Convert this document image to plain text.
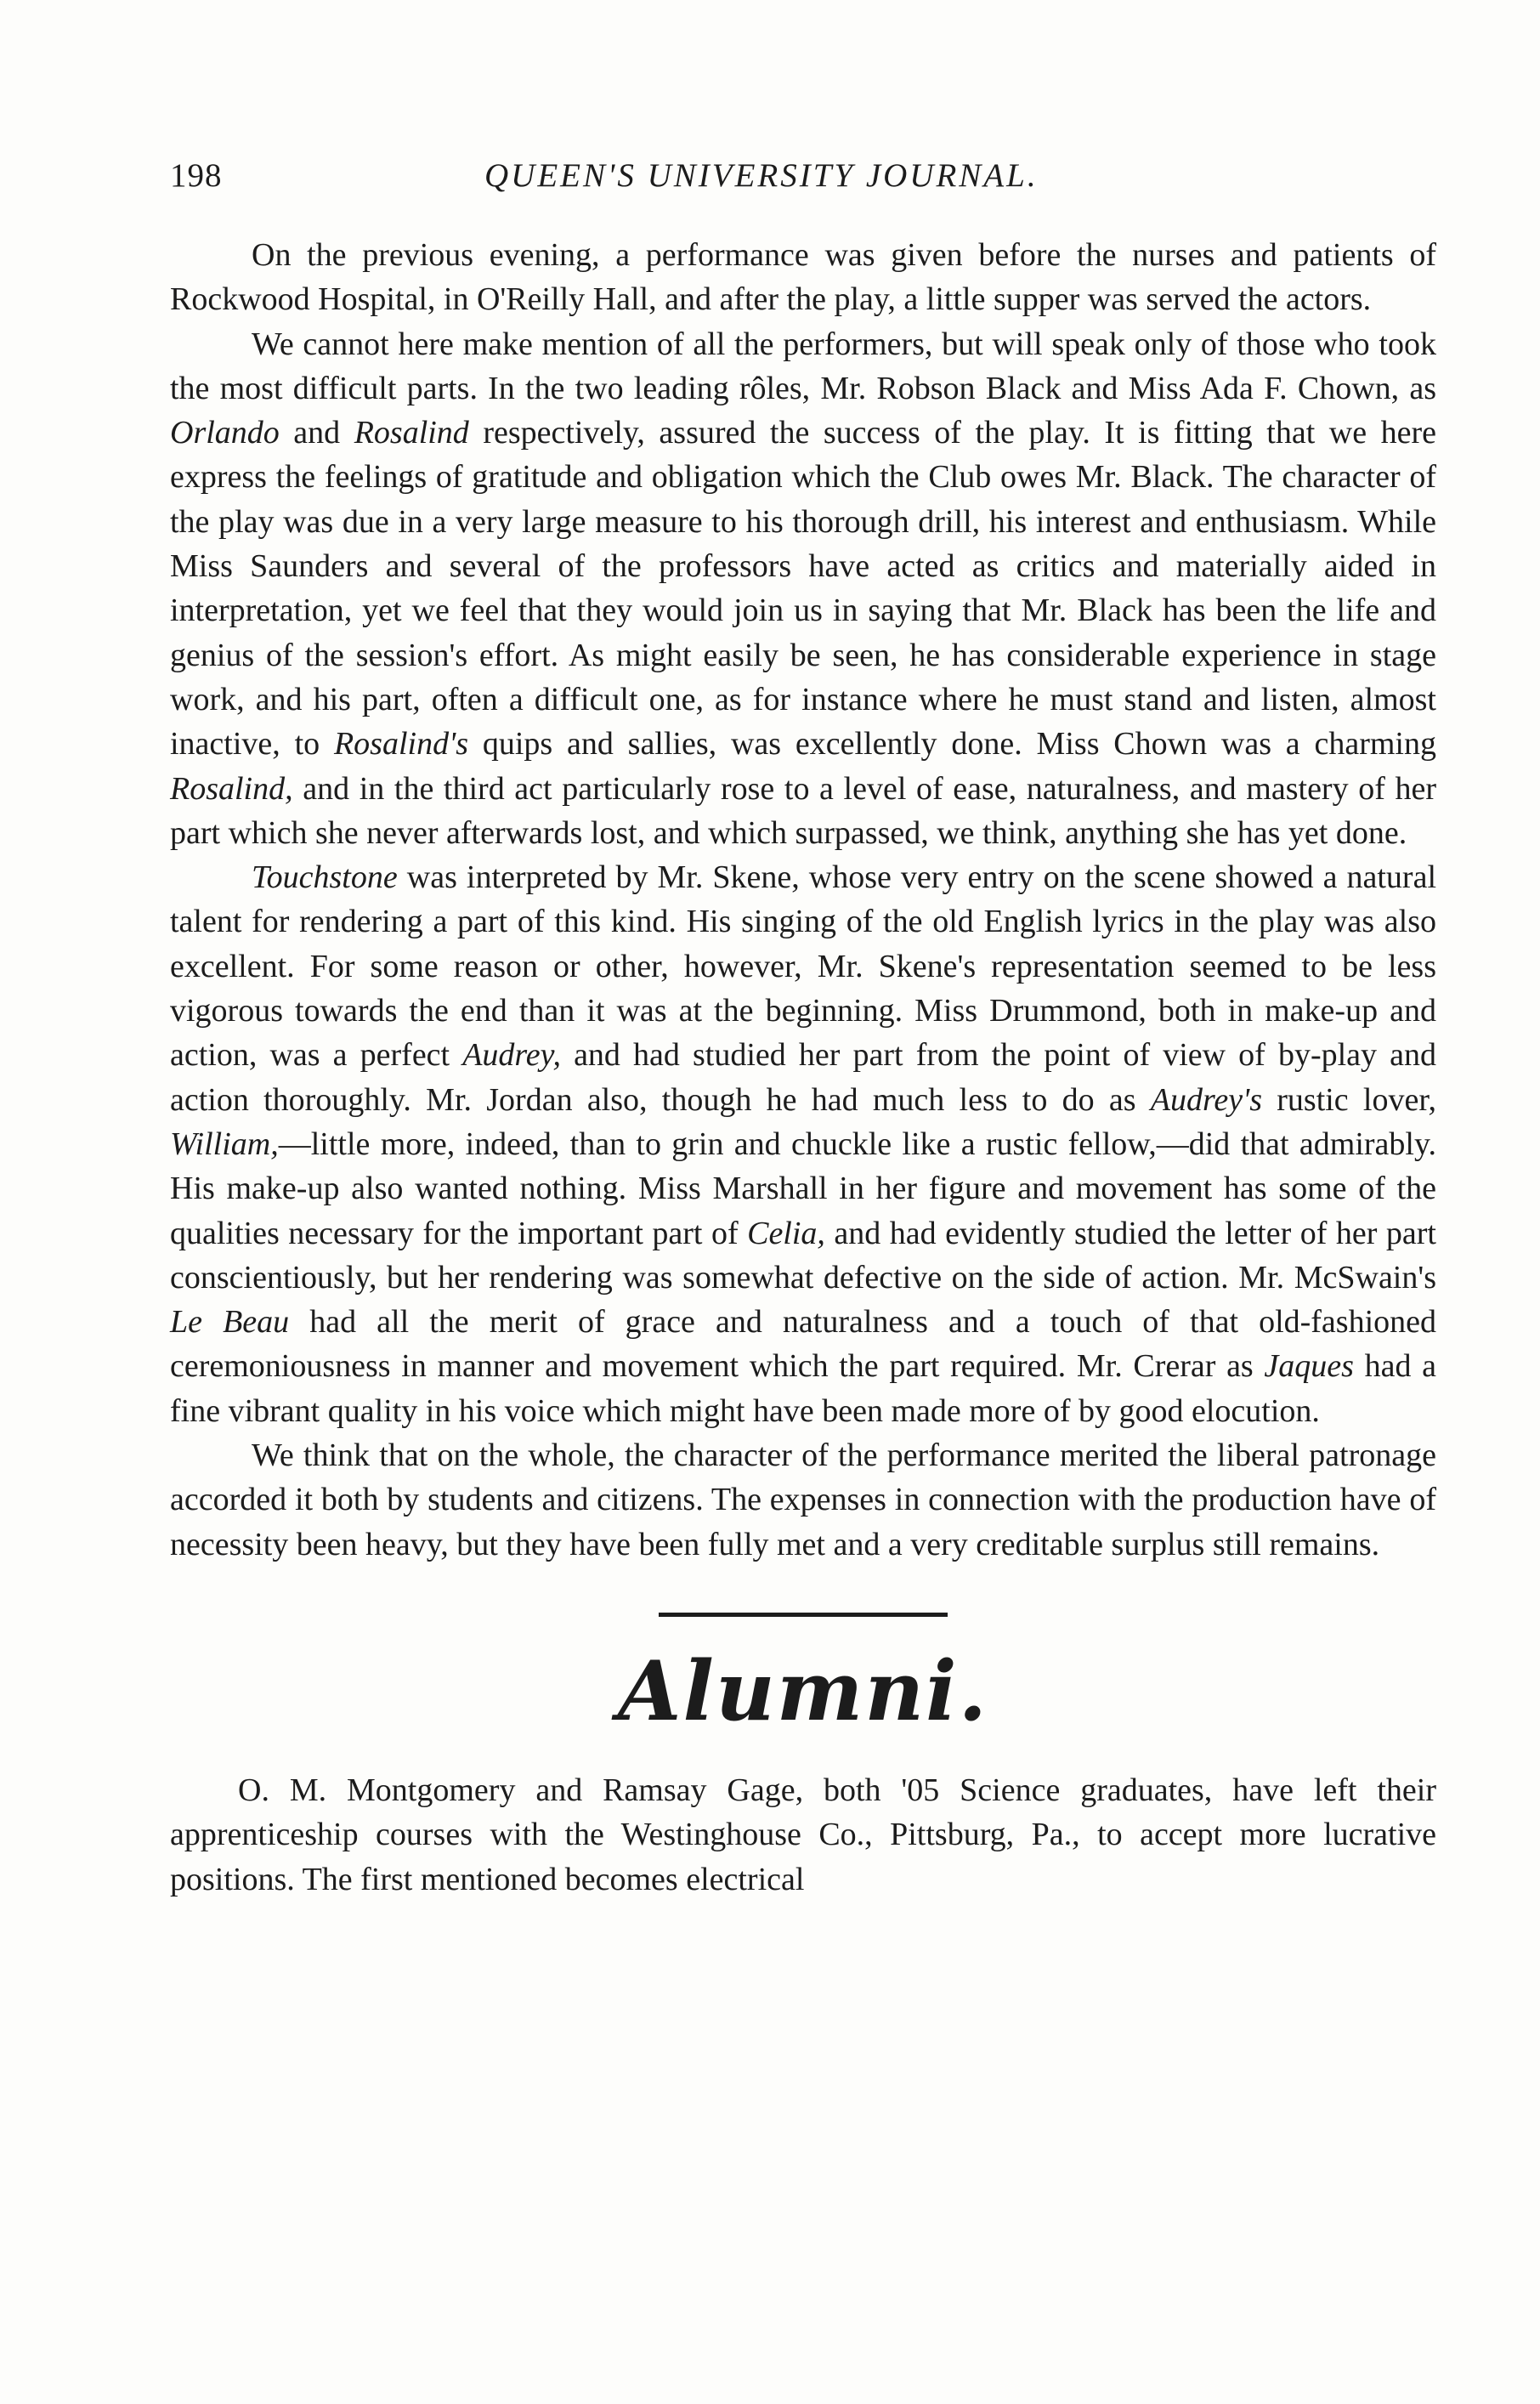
198	QUEEN'S UNIVERSITY JOURNAL.

On the previous evening, a performance was given before the nurses and patients of Rockwood Hospital, in O'Reilly Hall, and after the play, a little supper was served the actors.

We cannot here make mention of all the performers, but will speak only of those who took the most difficult parts. In the two leading rôles, Mr. Robson Black and Miss Ada F. Chown, as Orlando and Rosalind respectively, assured the success of the play. It is fitting that we here express the feelings of gratitude and obligation which the Club owes Mr. Black. The character of the play was due in a very large measure to his thorough drill, his interest and enthusiasm. While Miss Saunders and several of the professors have acted as critics and materially aided in interpretation, yet we feel that they would join us in saying that Mr. Black has been the life and genius of the session's effort. As might easily be seen, he has considerable experience in stage work, and his part, often a difficult one, as for instance where he must stand and listen, almost inactive, to Rosalind's quips and sallies, was excellently done. Miss Chown was a charming Rosalind, and in the third act particularly rose to a level of ease, naturalness, and mastery of her part which she never afterwards lost, and which surpassed, we think, anything she has yet done.

Touchstone was interpreted by Mr. Skene, whose very entry on the scene showed a natural talent for rendering a part of this kind. His singing of the old English lyrics in the play was also excellent. For some reason or other, however, Mr. Skene's representation seemed to be less vigorous towards the end than it was at the beginning. Miss Drummond, both in make-up and action, was a perfect Audrey, and had studied her part from the point of view of by-play and action thoroughly. Mr. Jordan also, though he had much less to do as Audrey's rustic lover, William,—little more, indeed, than to grin and chuckle like a rustic fellow,—did that admirably. His make-up also wanted nothing. Miss Marshall in her figure and movement has some of the qualities necessary for the important part of Celia, and had evidently studied the letter of her part conscientiously, but her rendering was somewhat defective on the side of action. Mr. McSwain's Le Beau had all the merit of grace and naturalness and a touch of that old-fashioned ceremoniousness in manner and movement which the part required. Mr. Crerar as Jaques had a fine vibrant quality in his voice which might have been made more of by good elocution.

We think that on the whole, the character of the performance merited the liberal patronage accorded it both by students and citizens. The expenses in connection with the production have of necessity been heavy, but they have been fully met and a very creditable surplus still remains.

Alumni.

O. M. Montgomery and Ramsay Gage, both '05 Science graduates, have left their apprenticeship courses with the Westinghouse Co., Pittsburg, Pa., to accept more lucrative positions. The first mentioned becomes electrical
